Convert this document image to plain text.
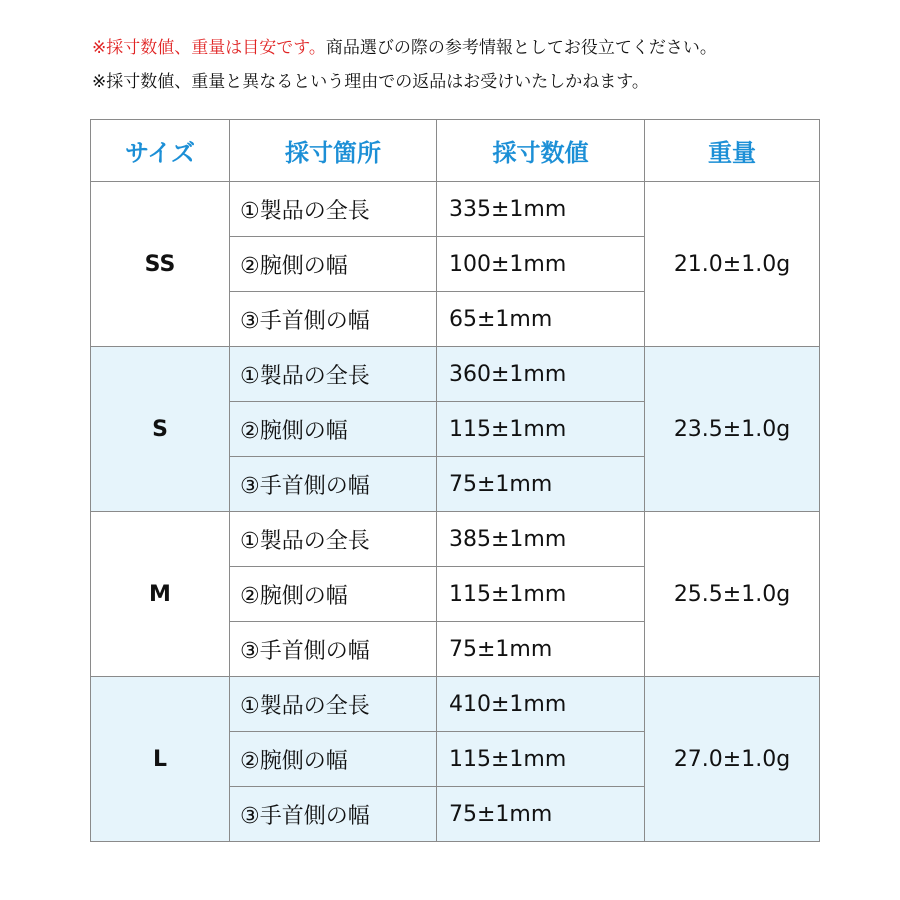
※採寸数値、重量は目安です。商品選びの際の参考情報としてお役立てください。
※採寸数値、重量と異なるという理由での返品はお受けいたしかねます。
サイズ	採寸箇所	採寸数値	重量
SS	①製品の全長	335±1mm	21.0±1.0g
	②腕側の幅	100±1mm	
	③手首側の幅	65±1mm	
S	①製品の全長	360±1mm	23.5±1.0g
	②腕側の幅	115±1mm	
	③手首側の幅	75±1mm	
M	①製品の全長	385±1mm	25.5±1.0g
	②腕側の幅	115±1mm	
	③手首側の幅	75±1mm	
L	①製品の全長	410±1mm	27.0±1.0g
	②腕側の幅	115±1mm	
	③手首側の幅	75±1mm	
